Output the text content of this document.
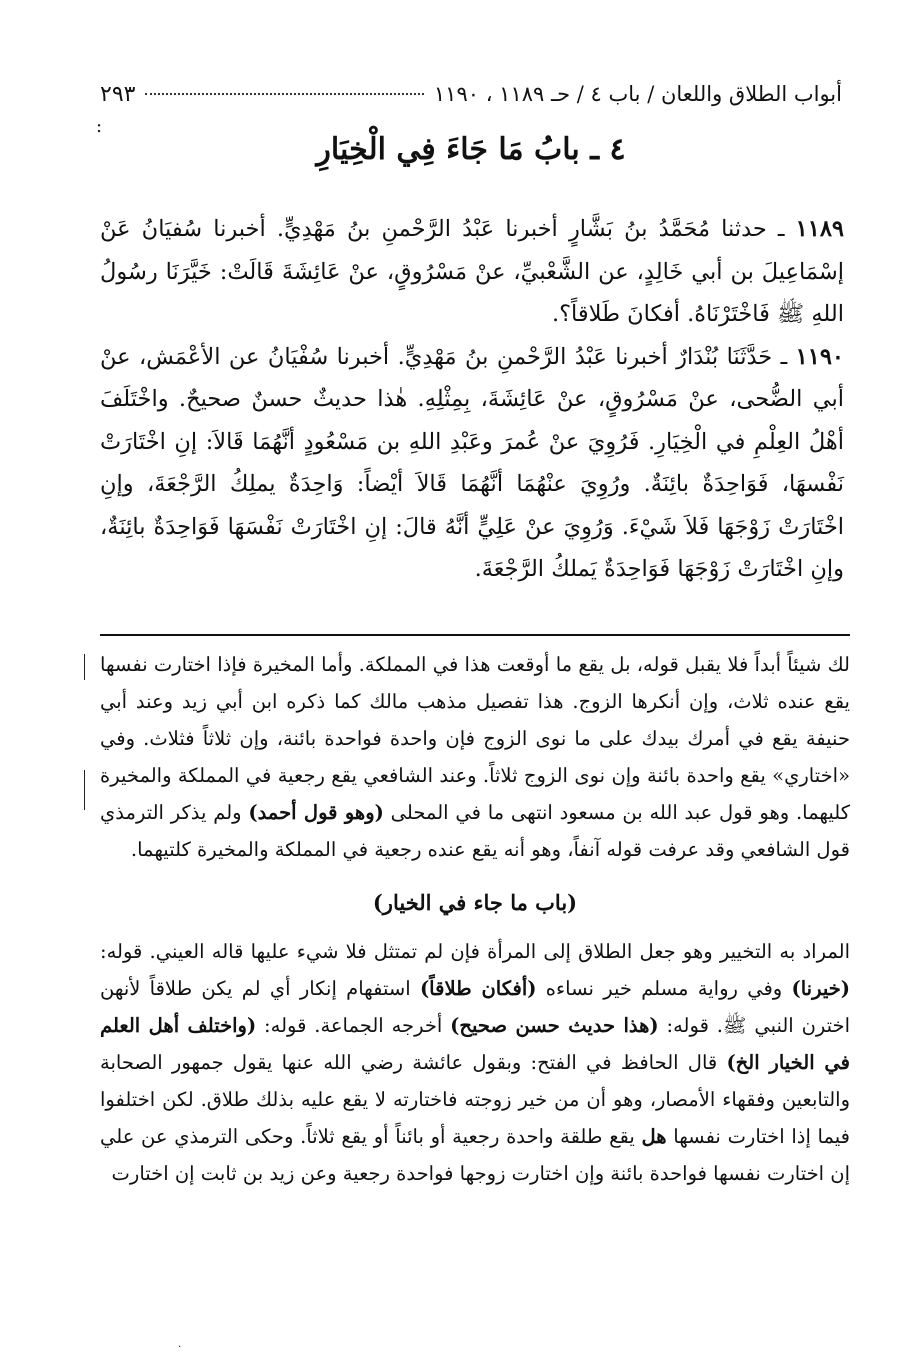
أبواب الطلاق واللعان / باب ٤ / حـ ١١٨٩ ، ١١٩٠
٢٩٣
:
٤ ـ بابُ مَا جَاءَ فِي الْخِيَارِ

١١٨٩ ـ حدثنا مُحَمَّدُ بنُ بَشَّارٍ أخبرنا عَبْدُ الرَّحْمنِ بنُ مَهْدِيٍّ. أخبرنا سُفيَانُ عَنْ إسْمَاعِيلَ بن أبي خَالِدٍ، عن الشَّعْبيِّ، عنْ مَسْرُوقٍ، عنْ عَائِشَةَ قَالَتْ: خَيَّرَنَا رسُولُ اللهِ ﷺ فَاخْتَرْنَاهُ. أفكانَ طَلاقاً؟.

١١٩٠ ـ حَدَّثَنَا بُنْدَارٌ أخبرنا عَبْدُ الرَّحْمنِ بنُ مَهْدِيٍّ. أخبرنا سُفْيَانُ عن الأعْمَش، عنْ أبي الضُّحى، عنْ مَسْرُوقٍ، عنْ عَائِشَةَ، بِمِثْلِهِ. هٰذا حديثٌ حسنٌ صحيحٌ. واخْتَلَفَ أهْلُ العِلْمِ في الْخِيَارِ. فَرُوِيَ عنْ عُمرَ وعَبْدِ اللهِ بن مَسْعُودٍ أنَّهُمَا قَالاَ: إنِ اخْتَارَتْ نَفْسهَا، فَوَاحِدَةٌ بائِنَةٌ. ورُوِيَ عنْهُمَا أنَّهُمَا قَالاَ أيْضاً: وَاحِدَةٌ يملِكُ الرَّجْعَةَ، وإنِ اخْتَارَتْ زَوْجَهَا فَلاَ شَيْءَ. وَرُوِيَ عنْ عَلِيٍّ أنَّهُ قالَ: إنِ اخْتَارَتْ نَفْسَهَا فَوَاحِدَةٌ بائِنَةٌ، وإنِ اخْتَارَتْ زَوْجَهَا فَوَاحِدَةٌ يَملكُ الرَّجْعَةَ.

لك شيئاً أبداً فلا يقبل قوله، بل يقع ما أوقعت هذا في المملكة. وأما المخيرة فإذا اختارت نفسها يقع عنده ثلاث، وإن أنكرها الزوج. هذا تفصيل مذهب مالك كما ذكره ابن أبي زيد وعند أبي حنيفة يقع في أمرك بيدك على ما نوى الزوج فإن واحدة فواحدة بائنة، وإن ثلاثاً فثلاث. وفي «اختاري» يقع واحدة بائنة وإن نوى الزوج ثلاثاً. وعند الشافعي يقع رجعية في المملكة والمخيرة كليهما. وهو قول عبد الله بن مسعود انتهى ما في المحلى (وهو قول أحمد) ولم يذكر الترمذي قول الشافعي وقد عرفت قوله آنفاً، وهو أنه يقع عنده رجعية في المملكة والمخيرة كلتيهما.

(باب ما جاء في الخيار)

المراد به التخيير وهو جعل الطلاق إلى المرأة فإن لم تمتثل فلا شيء عليها قاله العيني. قوله: (خيرنا) وفي رواية مسلم خير نساءه (أفكان طلاقاً) استفهام إنكار أي لم يكن طلاقاً لأنهن اخترن النبي ﷺ. قوله: (هذا حديث حسن صحيح) أخرجه الجماعة. قوله: (واختلف أهل العلم في الخيار الخ) قال الحافظ في الفتح: وبقول عائشة رضي الله عنها يقول جمهور الصحابة والتابعين وفقهاء الأمصار، وهو أن من خير زوجته فاختارته لا يقع عليه بذلك طلاق. لكن اختلفوا فيما إذا اختارت نفسها هل يقع طلقة واحدة رجعية أو بائناً أو يقع ثلاثاً. وحكى الترمذي عن علي إن اختارت نفسها فواحدة بائنة وإن اختارت زوجها فواحدة رجعية وعن زيد بن ثابت إن اختارت

·
